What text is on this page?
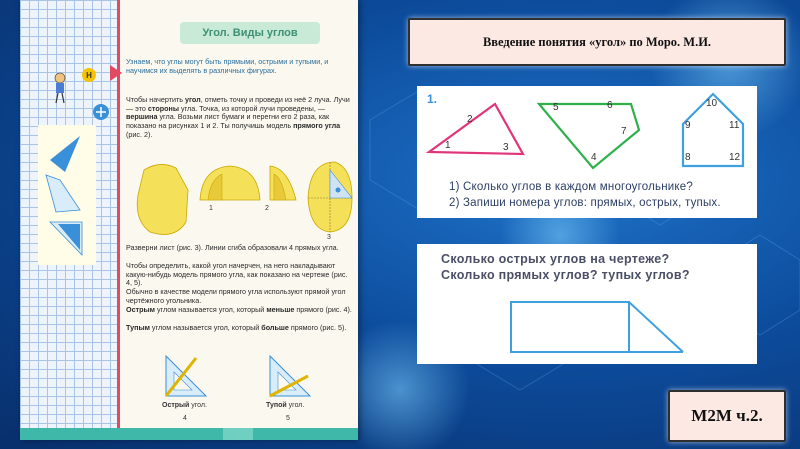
Н
Угол. Виды углов
Узнаем, что углы могут быть прямыми, острыми и тупыми, и научимся их выделять в различных фигурах.
Чтобы начертить угол, отметь точку и проведи из неё 2 луча. Лучи — это стороны угла. Точка, из которой лучи проведены, — вершина угла. Возьми лист бумаги и перегни его 2 раза, как показано на рисунках 1 и 2. Ты получишь модель прямого угла (рис. 2).
1	2
3
Разверни лист (рис. 3). Линии сгиба образовали 4 прямых угла.
Чтобы определить, какой угол начерчен, на него накладывают какую-нибудь модель прямого угла, как показано на чертеже (рис. 4, 5).
Обычно в качестве модели прямого угла используют прямой угол чертёжного угольника.
Острым углом называется угол, который меньше прямого (рис. 4).
Тупым углом называется угол, который больше прямого (рис. 5).
Острый угол.
4
Тупой угол.
5
Введение понятия «угол» по Моро. М.И.
1.
1
2
3
5	6
7
4
10
9	11
8	12
1) Сколько углов в каждом многоугольнике?
2) Запиши номера углов: прямых, острых, тупых.
Сколько острых углов на чертеже?
Сколько прямых углов? тупых углов?
М2М ч.2.
